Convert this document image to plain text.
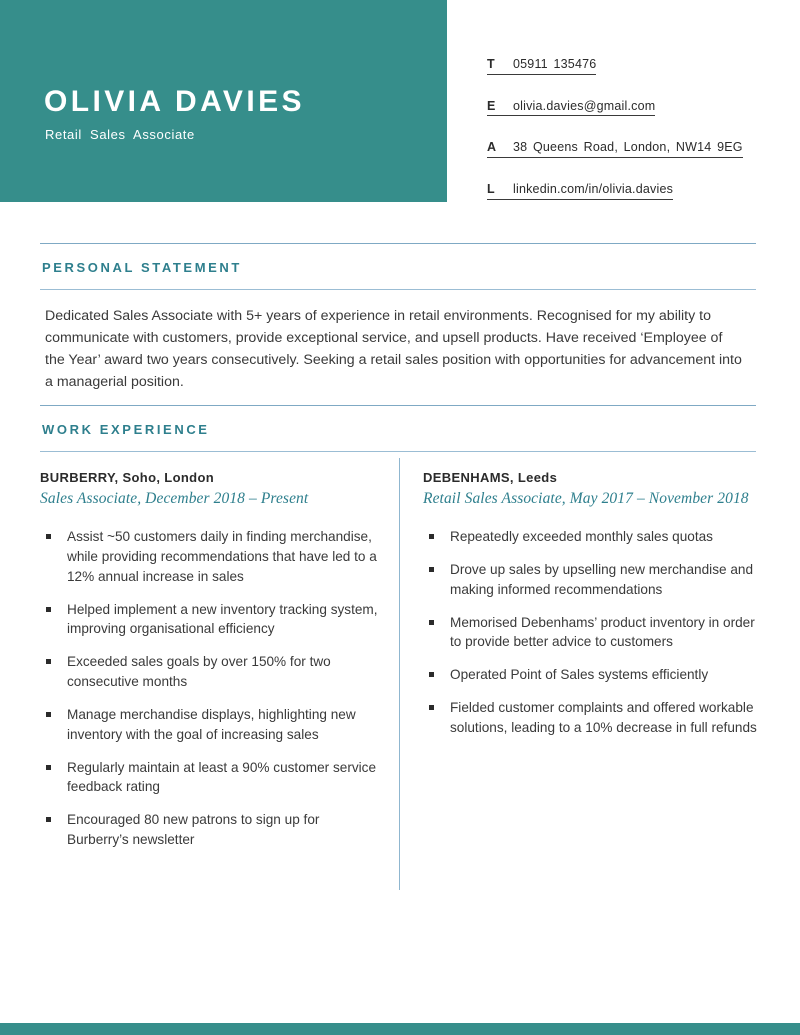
OLIVIA DAVIES
Retail Sales Associate
T 05911 135476
E olivia.davies@gmail.com
A 38 Queens Road, London, NW14 9EG
L linkedin.com/in/olivia.davies
PERSONAL STATEMENT
Dedicated Sales Associate with 5+ years of experience in retail environments. Recognised for my ability to communicate with customers, provide exceptional service, and upsell products. Have received ‘Employee of the Year’ award two years consecutively. Seeking a retail sales position with opportunities for advancement into a managerial position.
WORK EXPERIENCE
BURBERRY, Soho, London
Sales Associate, December 2018 – Present
Assist ~50 customers daily in finding merchandise, while providing recommendations that have led to a 12% annual increase in sales
Helped implement a new inventory tracking system, improving organisational efficiency
Exceeded sales goals by over 150% for two consecutive months
Manage merchandise displays, highlighting new inventory with the goal of increasing sales
Regularly maintain at least a 90% customer service feedback rating
Encouraged 80 new patrons to sign up for Burberry’s newsletter
DEBENHAMS, Leeds
Retail Sales Associate, May 2017 – November 2018
Repeatedly exceeded monthly sales quotas
Drove up sales by upselling new merchandise and making informed recommendations
Memorised Debenhams’ product inventory in order to provide better advice to customers
Operated Point of Sales systems efficiently
Fielded customer complaints and offered workable solutions, leading to a 10% decrease in full refunds
